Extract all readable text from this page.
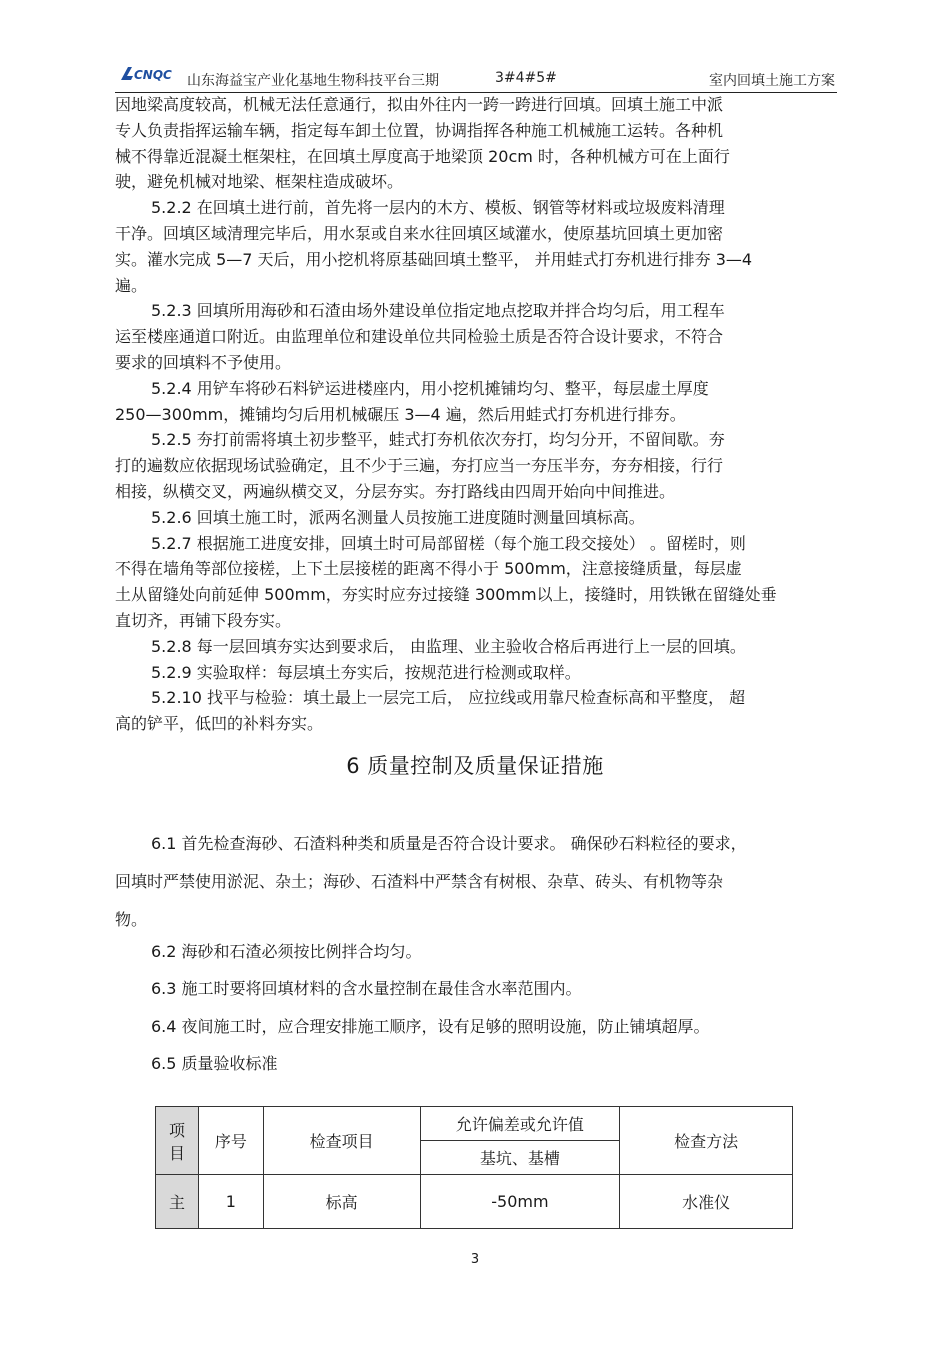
CNQC 山东海益宝产业化基地生物科技平台三期	3#4#5#	室内回填土施工方案
因地梁高度较高，机械无法任意通行，拟由外往内一跨一跨进行回填。回填土施工中派
专人负责指挥运输车辆，指定每车卸土位置，协调指挥各种施工机械施工运转。各种机
械不得靠近混凝土框架柱，在回填土厚度高于地梁顶 20cm 时，各种机械方可在上面行
驶，避免机械对地梁、框架柱造成破坏。
5.2.2 在回填土进行前，首先将一层内的木方、模板、钢管等材料或垃圾废料清理
干净。回填区域清理完毕后，用水泵或自来水往回填区域灌水，使原基坑回填土更加密
实。灌水完成 5—7 天后，用小挖机将原基础回填土整平， 并用蛙式打夯机进行排夯 3—4
遍。
5.2.3 回填所用海砂和石渣由场外建设单位指定地点挖取并拌合均匀后，用工程车
运至楼座通道口附近。由监理单位和建设单位共同检验土质是否符合设计要求，不符合
要求的回填料不予使用。
5.2.4 用铲车将砂石料铲运进楼座内，用小挖机摊铺均匀、整平，每层虚土厚度
250—300mm，摊铺均匀后用机械碾压 3—4 遍，然后用蛙式打夯机进行排夯。
5.2.5 夯打前需将填土初步整平，蛙式打夯机依次夯打，均匀分开，不留间歇。夯
打的遍数应依据现场试验确定，且不少于三遍，夯打应当一夯压半夯，夯夯相接，行行
相接，纵横交叉，两遍纵横交叉，分层夯实。夯打路线由四周开始向中间推进。
5.2.6 回填土施工时，派两名测量人员按施工进度随时测量回填标高。
5.2.7 根据施工进度安排，回填土时可局部留槎（每个施工段交接处） 。留槎时，则
不得在墙角等部位接槎，上下土层接槎的距离不得小于 500mm，注意接缝质量，每层虚
土从留缝处向前延伸 500mm，夯实时应夯过接缝 300mm以上，接缝时，用铁锹在留缝处垂
直切齐，再铺下段夯实。
5.2.8 每一层回填夯实达到要求后， 由监理、业主验收合格后再进行上一层的回填。
5.2.9 实验取样：每层填土夯实后，按规范进行检测或取样。
5.2.10 找平与检验：填土最上一层完工后， 应拉线或用靠尺检查标高和平整度， 超
高的铲平，低凹的补料夯实。
6 质量控制及质量保证措施
6.1 首先检查海砂、石渣料种类和质量是否符合设计要求。 确保砂石料粒径的要求，
回填时严禁使用淤泥、杂土；海砂、石渣料中严禁含有树根、杂草、砖头、有机物等杂
物。
6.2 海砂和石渣必须按比例拌合均匀。
6.3 施工时要将回填材料的含水量控制在最佳含水率范围内。
6.4 夜间施工时，应合理安排施工顺序，设有足够的照明设施，防止铺填超厚。
6.5 质量验收标准
项
目	序号	检查项目	允许偏差或允许值	检查方法
			基坑、基槽	
主	1	标高	-50mm	水准仪
3
